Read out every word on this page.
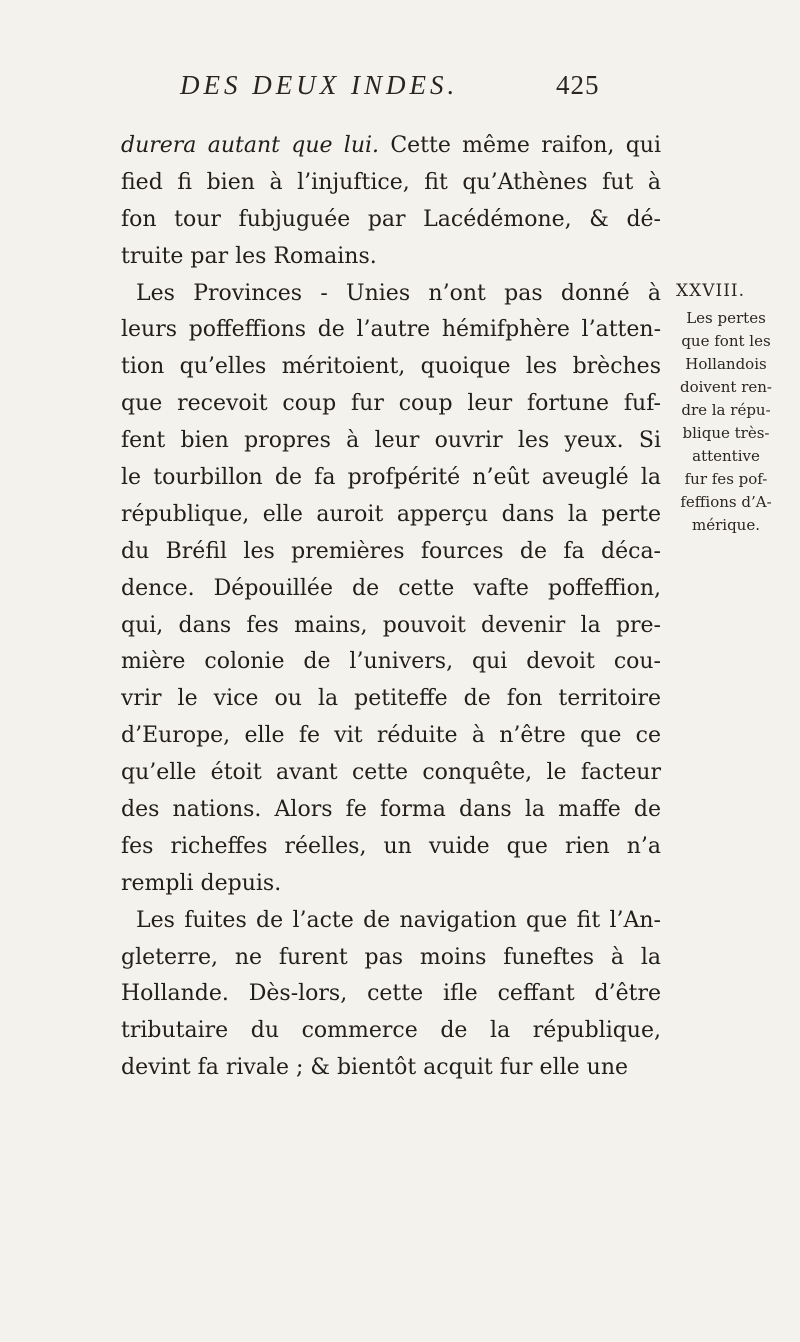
DES DEUX INDES.	425
durera autant que lui. Cette même raifon, qui
fied fi bien à l’injuftice, fit qu’Athènes fut à
fon tour fubjuguée par Lacédémone, & dé-
truite par les Romains.
Les Provinces - Unies n’ont pas donné à
leurs poffeffions de l’autre hémifphère l’atten-
tion qu’elles méritoient, quoique les brèches
que recevoit coup fur coup leur fortune fuf-
fent bien propres à leur ouvrir les yeux. Si
le tourbillon de fa profpérité n’eût aveuglé la
république, elle auroit apperçu dans la perte
du Bréfil les premières fources de fa déca-
dence. Dépouillée de cette vafte poffeffion,
qui, dans fes mains, pouvoit devenir la pre-
mière colonie de l’univers, qui devoit cou-
vrir le vice ou la petiteffe de fon territoire
d’Europe, elle fe vit réduite à n’être que ce
qu’elle étoit avant cette conquête, le facteur
des nations. Alors fe forma dans la maffe de
fes richeffes réelles, un vuide que rien n’a
rempli depuis.
Les fuites de l’acte de navigation que fit l’An-
gleterre, ne furent pas moins funeftes à la
Hollande. Dès-lors, cette ifle ceffant d’être
tributaire du commerce de la république,
devint fa rivale ; & bientôt acquit fur elle une
XXVIII.
Les pertes
que font les
Hollandois
doivent ren-
dre la répu-
blique très-
attentive
fur fes pof-
feffions d’A-
mérique.
